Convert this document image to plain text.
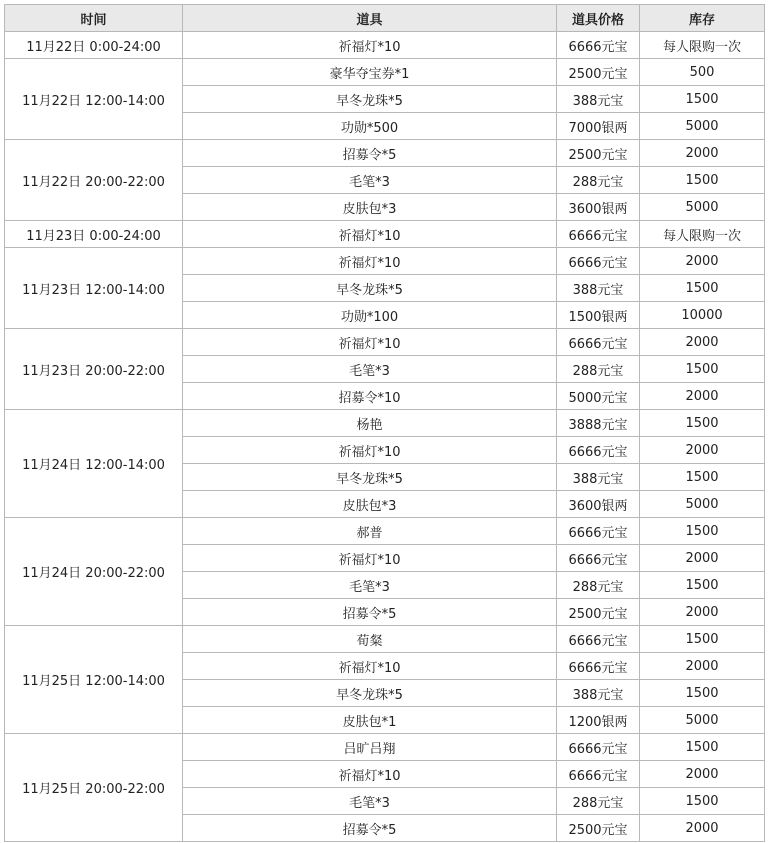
时间	道具	道具价格	库存
11月22日 0:00-24:00	祈福灯*10	6666元宝	每人限购一次
11月22日 12:00-14:00	豪华夺宝券*1	2500元宝	500
	早冬龙珠*5	388元宝	1500
	功勋*500	7000银两	5000
11月22日 20:00-22:00	招募令*5	2500元宝	2000
	毛笔*3	288元宝	1500
	皮肤包*3	3600银两	5000
11月23日 0:00-24:00	祈福灯*10	6666元宝	每人限购一次
11月23日 12:00-14:00	祈福灯*10	6666元宝	2000
	早冬龙珠*5	388元宝	1500
	功勋*100	1500银两	10000
11月23日 20:00-22:00	祈福灯*10	6666元宝	2000
	毛笔*3	288元宝	1500
	招募令*10	5000元宝	2000
11月24日 12:00-14:00	杨艳	3888元宝	1500
	祈福灯*10	6666元宝	2000
	早冬龙珠*5	388元宝	1500
	皮肤包*3	3600银两	5000
11月24日 20:00-22:00	郝普	6666元宝	1500
	祈福灯*10	6666元宝	2000
	毛笔*3	288元宝	1500
	招募令*5	2500元宝	2000
11月25日 12:00-14:00	荀粲	6666元宝	1500
	祈福灯*10	6666元宝	2000
	早冬龙珠*5	388元宝	1500
	皮肤包*1	1200银两	5000
11月25日 20:00-22:00	吕旷吕翔	6666元宝	1500
	祈福灯*10	6666元宝	2000
	毛笔*3	288元宝	1500
	招募令*5	2500元宝	2000
